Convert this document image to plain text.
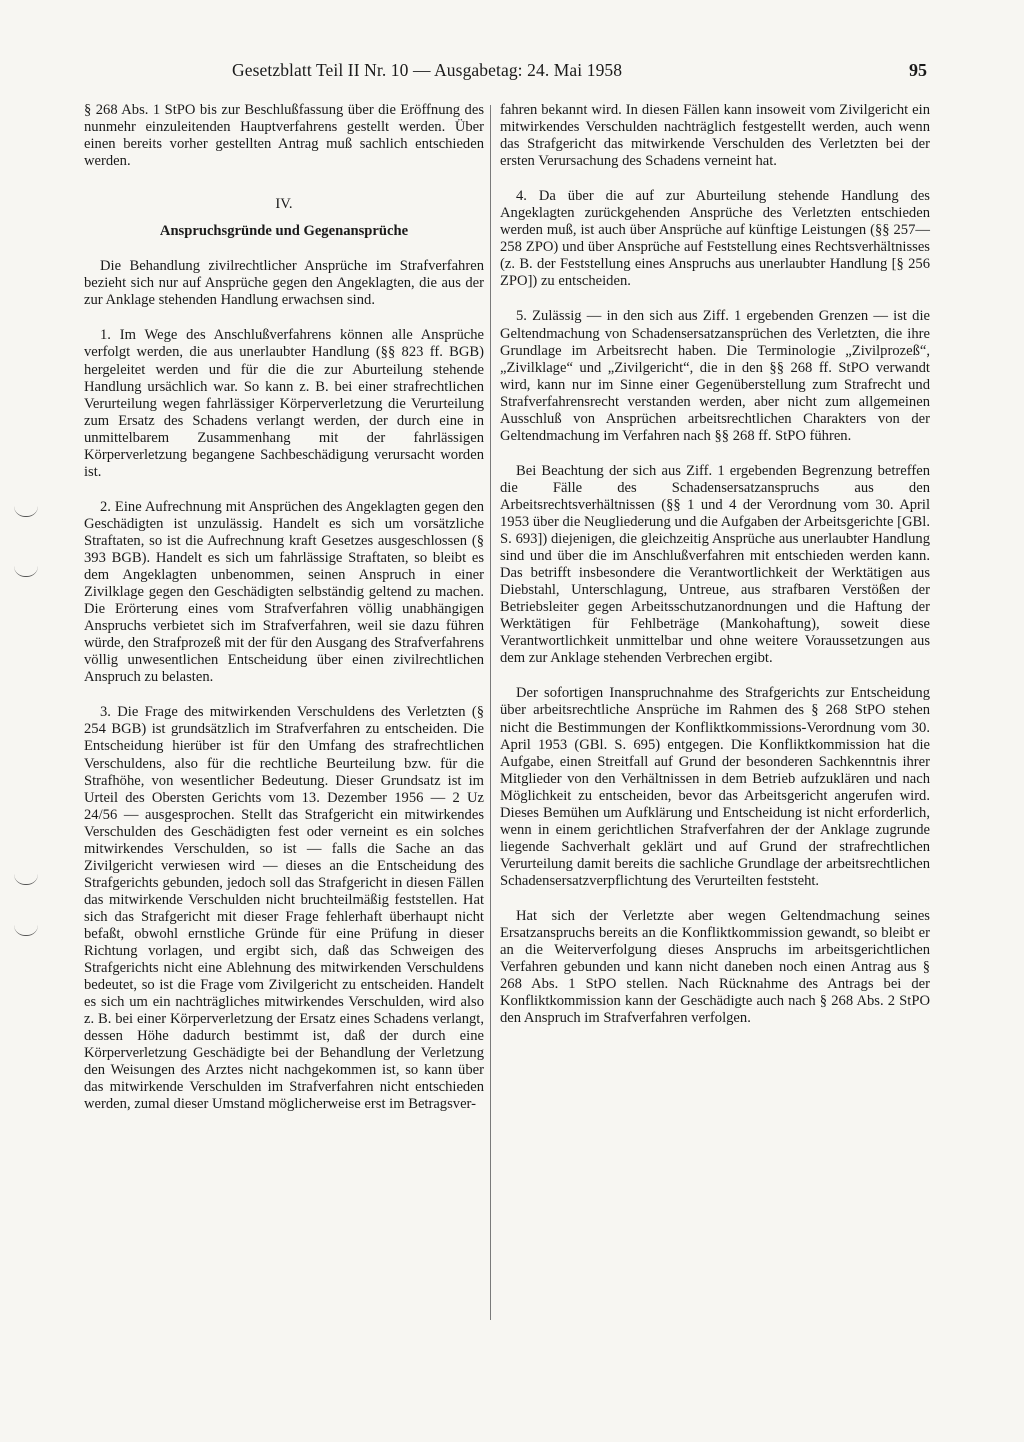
Gesetzblatt Teil II Nr. 10 — Ausgabetag: 24. Mai 1958	95

§ 268 Abs. 1 StPO bis zur Beschlußfassung über die Eröffnung des nunmehr einzuleitenden Hauptverfahrens gestellt werden. Über einen bereits vorher gestellten Antrag muß sachlich entschieden werden.

IV.

Anspruchsgründe und Gegenansprüche

Die Behandlung zivilrechtlicher Ansprüche im Strafverfahren bezieht sich nur auf Ansprüche gegen den Angeklagten, die aus der zur Anklage stehenden Handlung erwachsen sind.

1. Im Wege des Anschlußverfahrens können alle Ansprüche verfolgt werden, die aus unerlaubter Handlung (§§ 823 ff. BGB) hergeleitet werden und für die die zur Aburteilung stehende Handlung ursächlich war. So kann z. B. bei einer strafrechtlichen Verurteilung wegen fahrlässiger Körperverletzung die Verurteilung zum Ersatz des Schadens verlangt werden, der durch eine in unmittelbarem Zusammenhang mit der fahrlässigen Körperverletzung begangene Sachbeschädigung verursacht worden ist.

2. Eine Aufrechnung mit Ansprüchen des Angeklagten gegen den Geschädigten ist unzulässig. Handelt es sich um vorsätzliche Straftaten, so ist die Aufrechnung kraft Gesetzes ausgeschlossen (§ 393 BGB). Handelt es sich um fahrlässige Straftaten, so bleibt es dem Angeklagten unbenommen, seinen Anspruch in einer Zivilklage gegen den Geschädigten selbständig geltend zu machen. Die Erörterung eines vom Strafverfahren völlig unabhängigen Anspruchs verbietet sich im Strafverfahren, weil sie dazu führen würde, den Strafprozeß mit der für den Ausgang des Strafverfahrens völlig unwesentlichen Entscheidung über einen zivilrechtlichen Anspruch zu belasten.

3. Die Frage des mitwirkenden Verschuldens des Verletzten (§ 254 BGB) ist grundsätzlich im Strafverfahren zu entscheiden. Die Entscheidung hierüber ist für den Umfang des strafrechtlichen Verschuldens, also für die rechtliche Beurteilung bzw. für die Strafhöhe, von wesentlicher Bedeutung. Dieser Grundsatz ist im Urteil des Obersten Gerichts vom 13. Dezember 1956 — 2 Uz 24/56 — ausgesprochen. Stellt das Strafgericht ein mitwirkendes Verschulden des Geschädigten fest oder verneint es ein solches mitwirkendes Verschulden, so ist — falls die Sache an das Zivilgericht verwiesen wird — dieses an die Entscheidung des Strafgerichts gebunden, jedoch soll das Strafgericht in diesen Fällen das mitwirkende Verschulden nicht bruchteilmäßig feststellen. Hat sich das Strafgericht mit dieser Frage fehlerhaft überhaupt nicht befaßt, obwohl ernstliche Gründe für eine Prüfung in dieser Richtung vorlagen, und ergibt sich, daß das Schweigen des Strafgerichts nicht eine Ablehnung des mitwirkenden Verschuldens bedeutet, so ist die Frage vom Zivilgericht zu entscheiden. Handelt es sich um ein nachträgliches mitwirkendes Verschulden, wird also z. B. bei einer Körperverletzung der Ersatz eines Schadens verlangt, dessen Höhe dadurch bestimmt ist, daß der durch eine Körperverletzung Geschädigte bei der Behandlung der Verletzung den Weisungen des Arztes nicht nachgekommen ist, so kann über das mitwirkende Verschulden im Strafverfahren nicht entschieden werden, zumal dieser Umstand möglicherweise erst im Betragsver-

fahren bekannt wird. In diesen Fällen kann insoweit vom Zivilgericht ein mitwirkendes Verschulden nachträglich festgestellt werden, auch wenn das Strafgericht das mitwirkende Verschulden des Verletzten bei der ersten Verursachung des Schadens verneint hat.

4. Da über die auf zur Aburteilung stehende Handlung des Angeklagten zurückgehenden Ansprüche des Verletzten entschieden werden muß, ist auch über Ansprüche auf künftige Leistungen (§§ 257—258 ZPO) und über Ansprüche auf Feststellung eines Rechtsverhältnisses (z. B. der Feststellung eines Anspruchs aus unerlaubter Handlung [§ 256 ZPO]) zu entscheiden.

5. Zulässig — in den sich aus Ziff. 1 ergebenden Grenzen — ist die Geltendmachung von Schadensersatzansprüchen des Verletzten, die ihre Grundlage im Arbeitsrecht haben. Die Terminologie „Zivilprozeß“, „Zivilklage“ und „Zivilgericht“, die in den §§ 268 ff. StPO verwandt wird, kann nur im Sinne einer Gegenüberstellung zum Strafrecht und Strafverfahrensrecht verstanden werden, aber nicht zum allgemeinen Ausschluß von Ansprüchen arbeitsrechtlichen Charakters von der Geltendmachung im Verfahren nach §§ 268 ff. StPO führen.

Bei Beachtung der sich aus Ziff. 1 ergebenden Begrenzung betreffen die Fälle des Schadensersatzanspruchs aus den Arbeitsrechtsverhältnissen (§§ 1 und 4 der Verordnung vom 30. April 1953 über die Neugliederung und die Aufgaben der Arbeitsgerichte [GBl. S. 693]) diejenigen, die gleichzeitig Ansprüche aus unerlaubter Handlung sind und über die im Anschlußverfahren mit entschieden werden kann. Das betrifft insbesondere die Verantwortlichkeit der Werktätigen aus Diebstahl, Unterschlagung, Untreue, aus strafbaren Verstößen der Betriebsleiter gegen Arbeitsschutzanordnungen und die Haftung der Werktätigen für Fehlbeträge (Mankohaftung), soweit diese Verantwortlichkeit unmittelbar und ohne weitere Voraussetzungen aus dem zur Anklage stehenden Verbrechen ergibt.

Der sofortigen Inanspruchnahme des Strafgerichts zur Entscheidung über arbeitsrechtliche Ansprüche im Rahmen des § 268 StPO stehen nicht die Bestimmungen der Konfliktkommissions-Verordnung vom 30. April 1953 (GBl. S. 695) entgegen. Die Konfliktkommission hat die Aufgabe, einen Streitfall auf Grund der besonderen Sachkenntnis ihrer Mitglieder von den Verhältnissen in dem Betrieb aufzuklären und nach Möglichkeit zu entscheiden, bevor das Arbeitsgericht angerufen wird. Dieses Bemühen um Aufklärung und Entscheidung ist nicht erforderlich, wenn in einem gerichtlichen Strafverfahren der der Anklage zugrunde liegende Sachverhalt geklärt und auf Grund der strafrechtlichen Verurteilung damit bereits die sachliche Grundlage der arbeitsrechtlichen Schadensersatzverpflichtung des Verurteilten feststeht.

Hat sich der Verletzte aber wegen Geltendmachung seines Ersatzanspruchs bereits an die Konfliktkommission gewandt, so bleibt er an die Weiterverfolgung dieses Anspruchs im arbeitsgerichtlichen Verfahren gebunden und kann nicht daneben noch einen Antrag aus § 268 Abs. 1 StPO stellen. Nach Rücknahme des Antrags bei der Konfliktkommission kann der Geschädigte auch nach § 268 Abs. 2 StPO den Anspruch im Strafverfahren verfolgen.
